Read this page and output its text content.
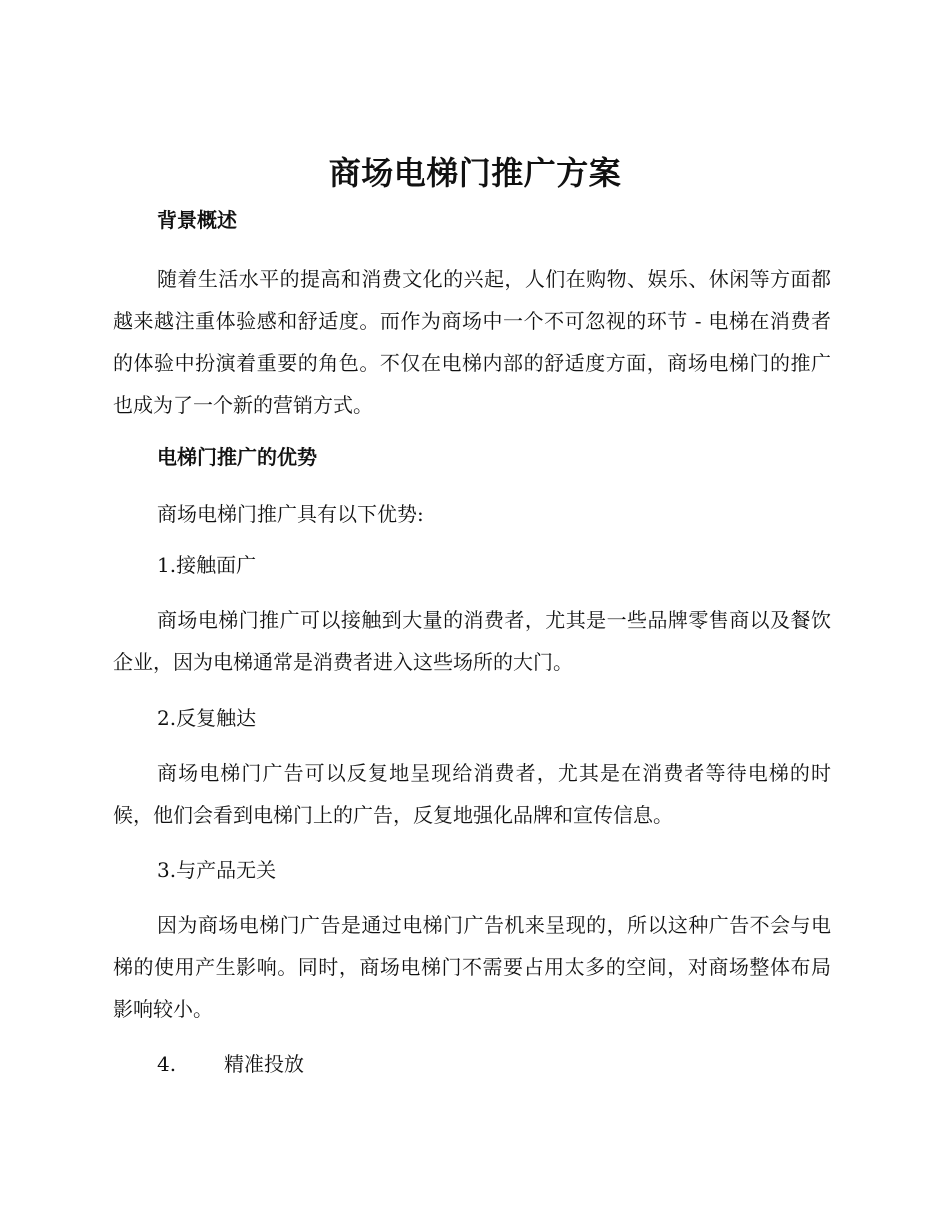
商场电梯门推广方案
背景概述

随着生活水平的提高和消费文化的兴起，人们在购物、娱乐、休闲等方面都越来越注重体验感和舒适度。而作为商场中一个不可忽视的环节 - 电梯在消费者的体验中扮演着重要的角色。不仅在电梯内部的舒适度方面，商场电梯门的推广也成为了一个新的营销方式。

电梯门推广的优势

商场电梯门推广具有以下优势:

1.接触面广

商场电梯门推广可以接触到大量的消费者，尤其是一些品牌零售商以及餐饮企业，因为电梯通常是消费者进入这些场所的大门。

2.反复触达

商场电梯门广告可以反复地呈现给消费者，尤其是在消费者等待电梯的时候，他们会看到电梯门上的广告，反复地强化品牌和宣传信息。

3.与产品无关

因为商场电梯门广告是通过电梯门广告机来呈现的，所以这种广告不会与电梯的使用产生影响。同时，商场电梯门不需要占用太多的空间，对商场整体布局影响较小。

4. 精准投放
